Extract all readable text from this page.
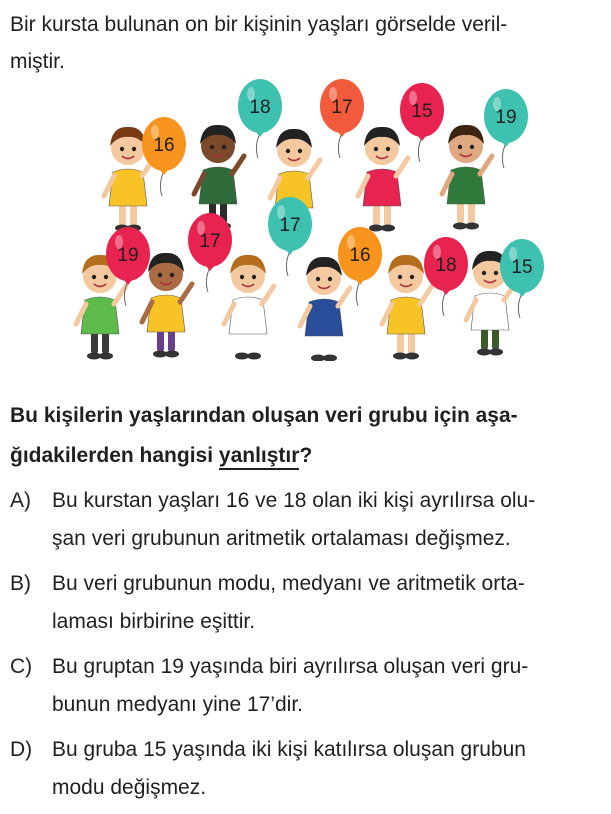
Bir kursta bulunan on bir kişinin yaşları görselde veril-
miştir.
16
18	17	15	19
19
17
17
16	18	15
Bu kişilerin yaşlarından oluşan veri grubu için aşa-
ğıdakilerden hangisi yanlıştır?
A)	Bu kurstan yaşları 16 ve 18 olan iki kişi ayrılırsa olu-
şan veri grubunun aritmetik ortalaması değişmez.
B)	Bu veri grubunun modu, medyanı ve aritmetik orta-
laması birbirine eşittir.
C) Bu gruptan 19 yaşında biri ayrılırsa oluşan veri gru-
bunun medyanı yine 17’dir.
D) Bu gruba 15 yaşında iki kişi katılırsa oluşan grubun
modu değişmez.
